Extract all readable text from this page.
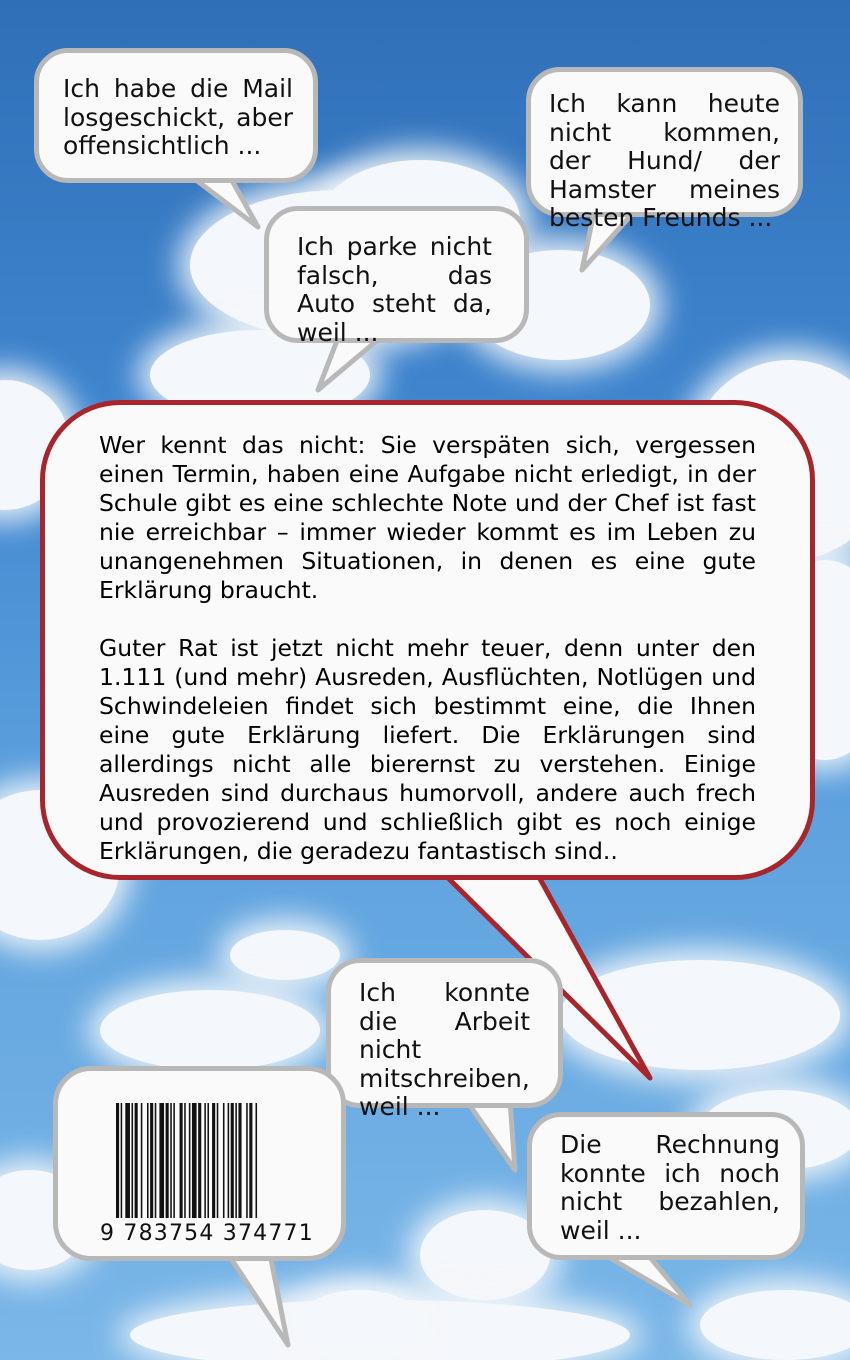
Ich habe die Mail losgeschickt, aber offensichtlich ...

Ich kann heute nicht kommen, der Hund/ der Hamster meines besten Freunds ...

Ich parke nicht falsch, das Auto steht da, weil ...

Wer kennt das nicht: Sie verspäten sich, vergessen einen Termin, haben eine Aufgabe nicht erledigt, in der Schule gibt es eine schlechte Note und der Chef ist fast nie erreichbar – immer wieder kommt es im Leben zu unangenehmen Situationen, in denen es eine gute Erklärung braucht.

Guter Rat ist jetzt nicht mehr teuer, denn unter den 1.111 (und mehr) Ausreden, Ausflüchten, Notlügen und Schwindeleien findet sich bestimmt eine, die Ihnen eine gute Erklärung liefert. Die Erklärungen sind allerdings nicht alle bierernst zu verstehen. Einige Ausreden sind durchaus humorvoll, andere auch frech und provozierend und schließlich gibt es noch einige Erklärungen, die geradezu fantastisch sind..

Ich konnte die Arbeit nicht mitschreiben, weil ...

Die Rechnung konnte ich noch nicht bezahlen, weil ...

9 783754 374771
